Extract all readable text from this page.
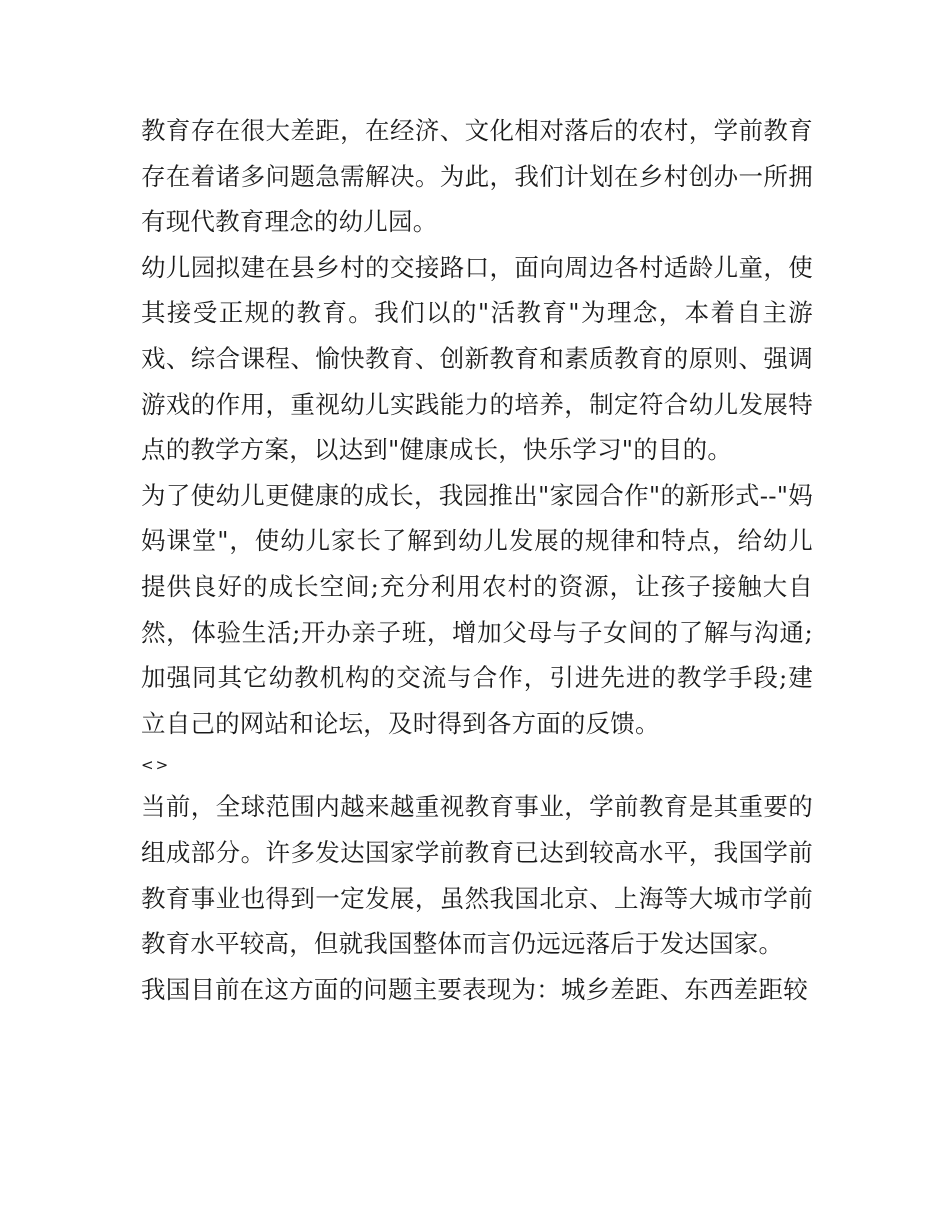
教育存在很大差距，在经济、文化相对落后的农村，学前教育存在着诸多问题急需解决。为此，我们计划在乡村创办一所拥有现代教育理念的幼儿园。

幼儿园拟建在县乡村的交接路口，面向周边各村适龄儿童，使其接受正规的教育。我们以的"活教育"为理念，本着自主游戏、综合课程、愉快教育、创新教育和素质教育的原则、强调游戏的作用，重视幼儿实践能力的培养，制定符合幼儿发展特点的教学方案，以达到"健康成长，快乐学习"的目的。

为了使幼儿更健康的成长，我园推出"家园合作"的新形式--"妈妈课堂"，使幼儿家长了解到幼儿发展的规律和特点，给幼儿提供良好的成长空间;充分利用农村的资源，让孩子接触大自然，体验生活;开办亲子班，增加父母与子女间的了解与沟通;加强同其它幼教机构的交流与合作，引进先进的教学手段;建立自己的网站和论坛，及时得到各方面的反馈。

<>

当前，全球范围内越来越重视教育事业，学前教育是其重要的组成部分。许多发达国家学前教育已达到较高水平，我国学前教育事业也得到一定发展，虽然我国北京、上海等大城市学前教育水平较高，但就我国整体而言仍远远落后于发达国家。

我国目前在这方面的问题主要表现为：城乡差距、东西差距较
